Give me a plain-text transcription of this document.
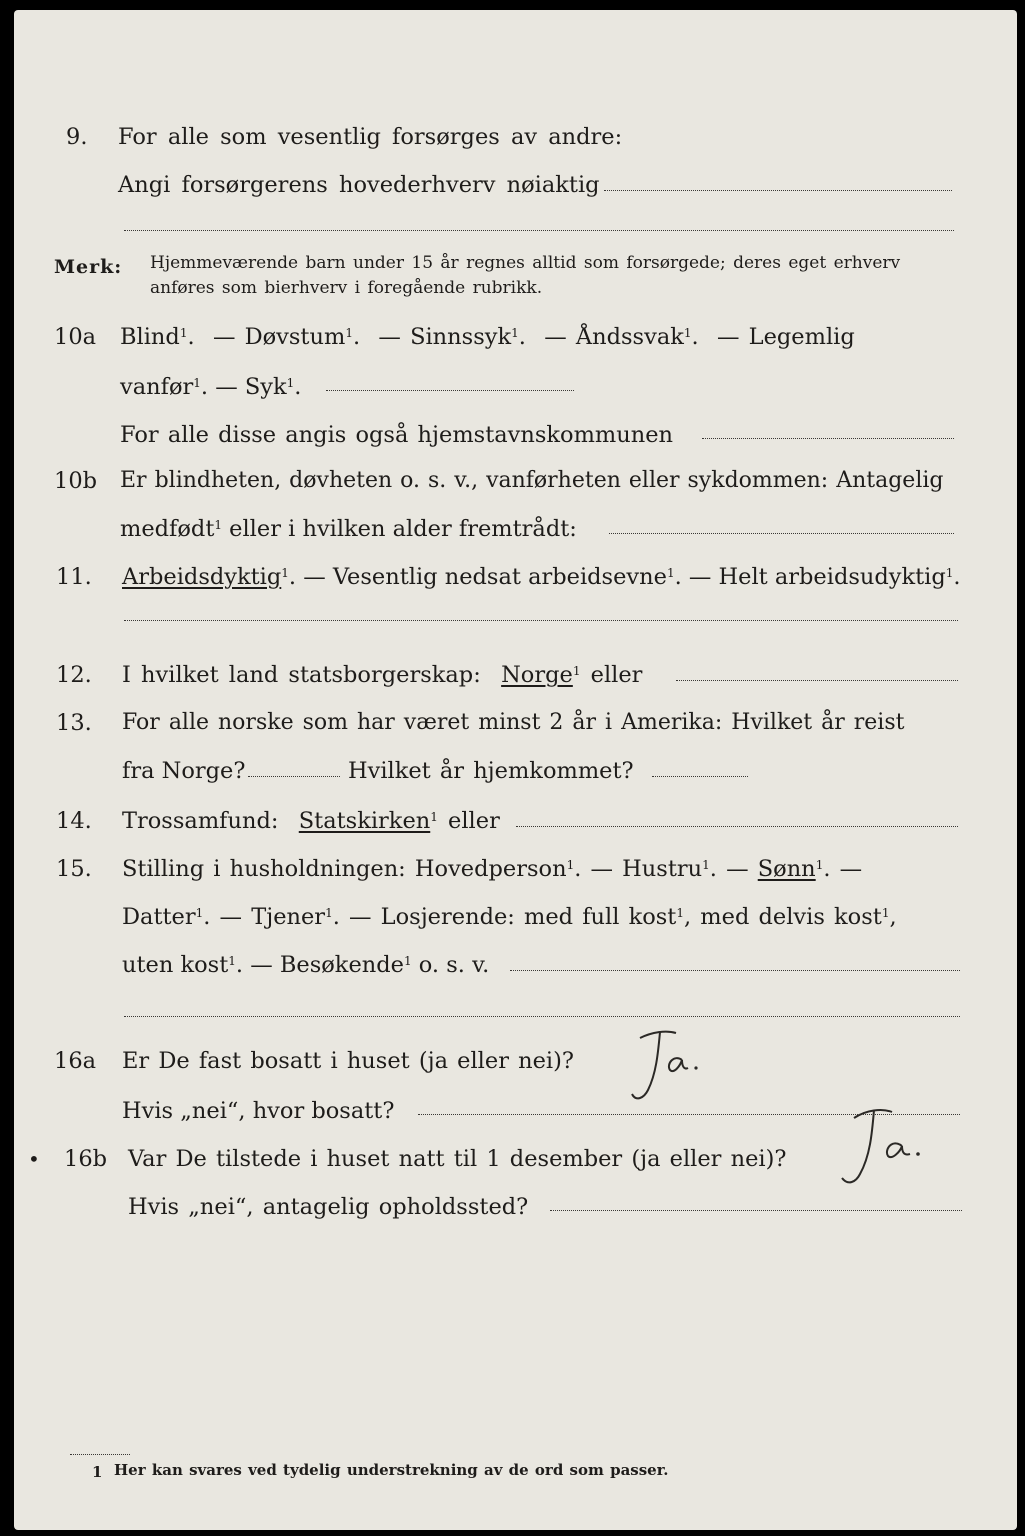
9. For alle som vesentlig forsørges av andre:
Angi forsørgerens hovederhverv nøiaktig
Merk: Hjemmeværende barn under 15 år regnes alltid som forsørgede; deres eget erhverv
anføres som bierhverv i foregående rubrikk.
10a Blind$^1$.  — Døvstum$^1$.  — Sinnssyk$^1$.  — Åndssvak$^1$.  — Legemlig
vanfør$^1$. — Syk$^1$.
For alle disse angis også hjemstavnskommunen
10b Er blindheten, døvheten o. s. v., vanførheten eller sykdommen: Antagelig
medfødt$^1$ eller i hvilken alder fremtrådt:
11. Arbeidsdyktig$^1$. — Vesentlig nedsat arbeidsevne$^1$. — Helt arbeidsudyktig$^1$.
12. I hvilket land statsborgerskap: Norge$^1$ eller
13. For alle norske som har været minst 2 år i Amerika: Hvilket år reist
fra Norge?	Hvilket år hjemkommet?
14. Trossamfund: Statskirken$^1$ eller
15. Stilling i husholdningen: Hovedperson$^1$. — Hustru$^1$. — Sønn$^1$. —
Datter$^1$. — Tjener$^1$. — Losjerende: med full kost$^1$, med delvis kost$^1$,
uten kost$^1$. — Besøkende$^1$ o. s. v.
16a Er De fast bosatt i huset (ja eller nei)?
Hvis „nei“, hvor bosatt?
• 16b Var De tilstede i huset natt til 1 desember (ja eller nei)?
Hvis „nei“, antagelig opholdssted?
1 Her kan svares ved tydelig understrekning av de ord som passer.
